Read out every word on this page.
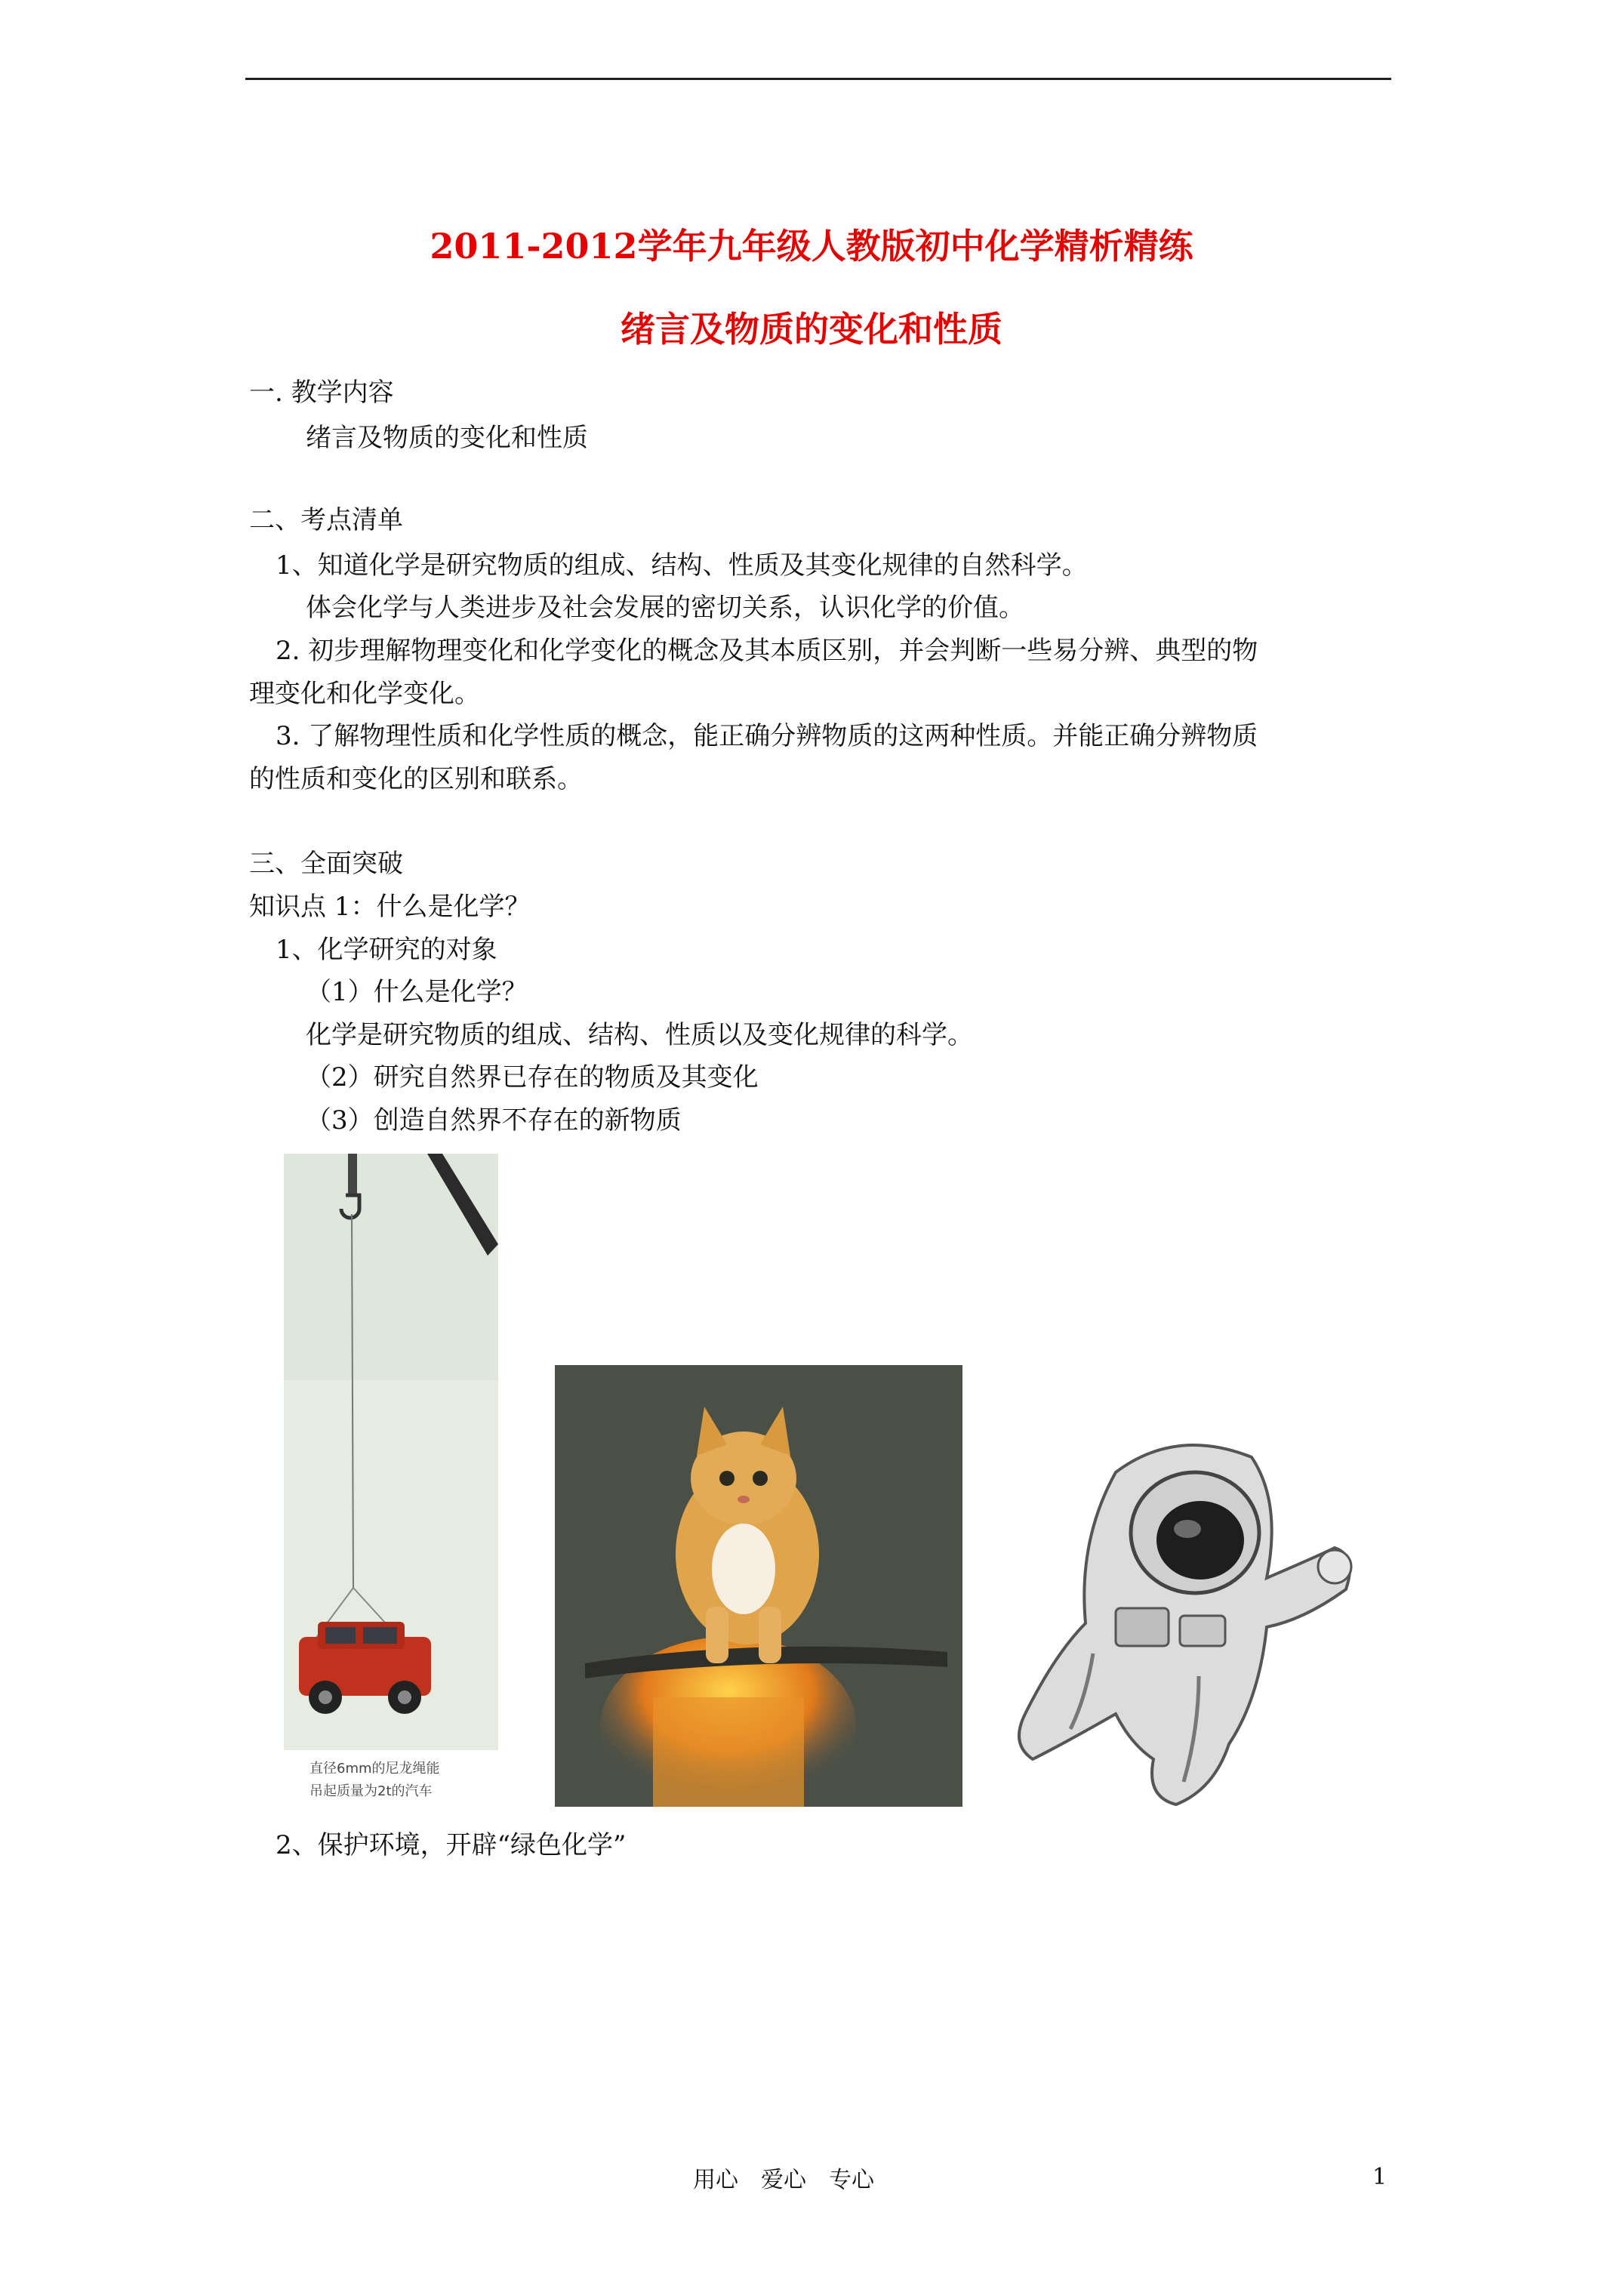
2011-2012学年九年级人教版初中化学精析精练
绪言及物质的变化和性质
一. 教学内容
绪言及物质的变化和性质
二、考点清单
1、知道化学是研究物质的组成、结构、性质及其变化规律的自然科学。
体会化学与人类进步及社会发展的密切关系，认识化学的价值。
2. 初步理解物理变化和化学变化的概念及其本质区别，并会判断一些易分辨、典型的物
理变化和化学变化。
3. 了解物理性质和化学性质的概念，能正确分辨物质的这两种性质。并能正确分辨物质
的性质和变化的区别和联系。
三、全面突破
知识点 1：什么是化学？
1、化学研究的对象
（1）什么是化学？
化学是研究物质的组成、结构、性质以及变化规律的科学。
（2）研究自然界已存在的物质及其变化
（3）创造自然界不存在的新物质
直径6mm的尼龙绳能
吊起质量为2t的汽车
2、保护环境，开辟“绿色化学”
用心　爱心　专心	1
